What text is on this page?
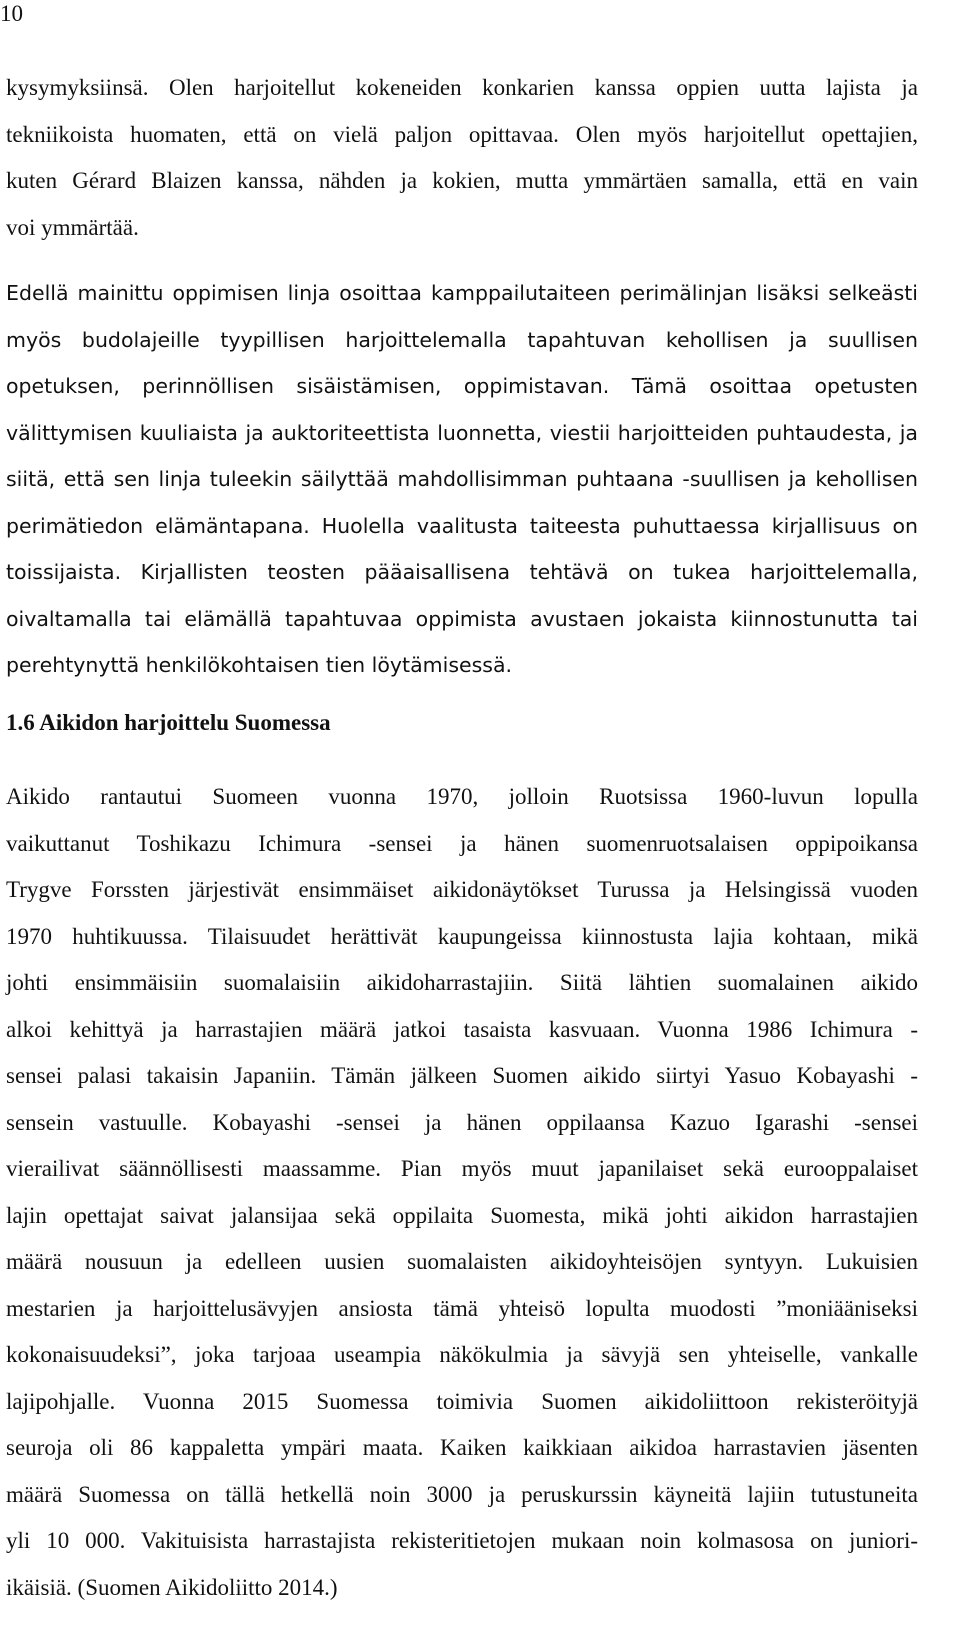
10
kysymyksiinsä. Olen harjoitellut kokeneiden konkarien kanssa oppien uutta lajista ja
tekniikoista huomaten, että on vielä paljon opittavaa. Olen myös harjoitellut opettajien,
kuten Gérard Blaizen kanssa, nähden ja kokien, mutta ymmärtäen samalla, että en vain
voi ymmärtää.
Edellä mainittu oppimisen linja osoittaa kamppailutaiteen perimälinjan lisäksi selkeästi
myös budolajeille tyypillisen harjoittelemalla tapahtuvan kehollisen ja suullisen
opetuksen, perinnöllisen sisäistämisen, oppimistavan. Tämä osoittaa opetusten
välittymisen kuuliaista ja auktoriteettista luonnetta, viestii harjoitteiden puhtaudesta, ja
siitä, että sen linja tuleekin säilyttää mahdollisimman puhtaana -suullisen ja kehollisen
perimätiedon elämäntapana. Huolella vaalitusta taiteesta puhuttaessa kirjallisuus on
toissijaista. Kirjallisten teosten pääaisallisena tehtävä on tukea harjoittelemalla,
oivaltamalla tai elämällä tapahtuvaa oppimista avustaen jokaista kiinnostunutta tai
perehtynyttä henkilökohtaisen tien löytämisessä.
1.6 Aikidon harjoittelu Suomessa
Aikido rantautui Suomeen vuonna 1970, jolloin Ruotsissa 1960-luvun lopulla
vaikuttanut Toshikazu Ichimura -sensei ja hänen suomenruotsalaisen oppipoikansa
Trygve Forssten järjestivät ensimmäiset aikidonäytökset Turussa ja Helsingissä vuoden
1970 huhtikuussa. Tilaisuudet herättivät kaupungeissa kiinnostusta lajia kohtaan, mikä
johti ensimmäisiin suomalaisiin aikidoharrastajiin. Siitä lähtien suomalainen aikido
alkoi kehittyä ja harrastajien määrä jatkoi tasaista kasvuaan. Vuonna 1986 Ichimura -
sensei palasi takaisin Japaniin. Tämän jälkeen Suomen aikido siirtyi Yasuo Kobayashi -
sensein vastuulle. Kobayashi -sensei ja hänen oppilaansa Kazuo Igarashi -sensei
vierailivat säännöllisesti maassamme. Pian myös muut japanilaiset sekä eurooppalaiset
lajin opettajat saivat jalansijaa sekä oppilaita Suomesta, mikä johti aikidon harrastajien
määrä nousuun ja edelleen uusien suomalaisten aikidoyhteisöjen syntyyn. Lukuisien
mestarien ja harjoittelusävyjen ansiosta tämä yhteisö lopulta muodosti ”moniääniseksi
kokonaisuudeksi”, joka tarjoaa useampia näkökulmia ja sävyjä sen yhteiselle, vankalle
lajipohjalle. Vuonna 2015 Suomessa toimivia Suomen aikidoliittoon rekisteröityjä
seuroja oli 86 kappaletta ympäri maata. Kaiken kaikkiaan aikidoa harrastavien jäsenten
määrä Suomessa on tällä hetkellä noin 3000 ja peruskurssin käyneitä lajiin tutustuneita
yli 10 000. Vakituisista harrastajista rekisteritietojen mukaan noin kolmasosa on juniori-
ikäisiä. (Suomen Aikidoliitto 2014.)
